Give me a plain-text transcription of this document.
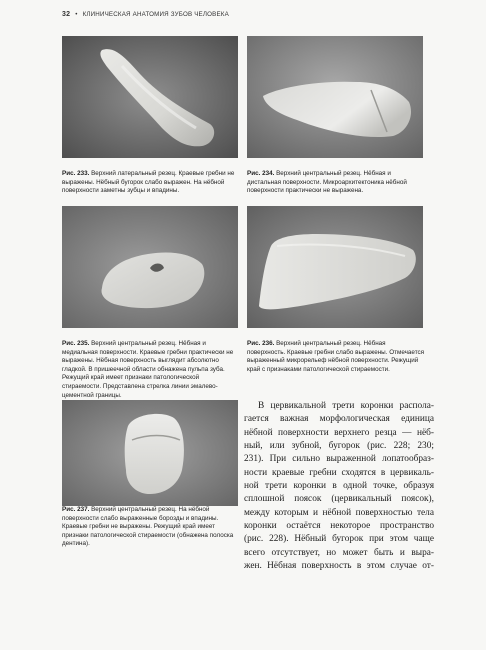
32 • КЛИНИЧЕСКАЯ АНАТОМИЯ ЗУБОВ ЧЕЛОВЕКА
Рис. 233. Верхний латеральный резец. Краевые гребни не выражены. Нёбный бугорок слабо выражен. На нёбной поверхности заметны зубцы и впадины.
Рис. 234. Верхний центральный резец. Нёбная и дистальная поверхности. Микроархитектоника нёбной поверхности практически не выражена.
Рис. 235. Верхний центральный резец. Нёбная и медиальная поверхности. Краевые гребни практически не выражены. Нёбная поверхность выглядит абсолютно гладкой. В пришеечной области обнажена пульпа зуба. Режущий край имеет признаки патологической стираемости. Представлена стрелка линии эмалево-цементной границы.
Рис. 236. Верхний центральный резец. Нёбная поверхность. Краевые гребни слабо выражены. Отмечается выраженный микрорельеф нёбной поверхности. Режущий край с признаками патологической стираемости.
Рис. 237. Верхний центральный резец. На нёбной поверхности слабо выраженные борозды и впадины. Краевые гребни не выражены. Режущий край имеет признаки патологической стираемости (обнажена полоска дентина).
В цервикальной трети коронки распола-
гается важная морфологическая единица
нёбной поверхности верхнего резца — нёб-
ный, или зубной, бугорок (рис. 228; 230;
231). При сильно выраженной лопатообраз-
ности краевые гребни сходятся в цервикаль-
ной трети коронки в одной точке, образуя
сплошной поясок (цервикальный поясок),
между которым и нёбной поверхностью тела
коронки остаётся некоторое пространство
(рис. 228). Нёбный бугорок при этом чаще
всего отсутствует, но может быть и выра-
жен. Нёбная поверхность в этом случае от-
